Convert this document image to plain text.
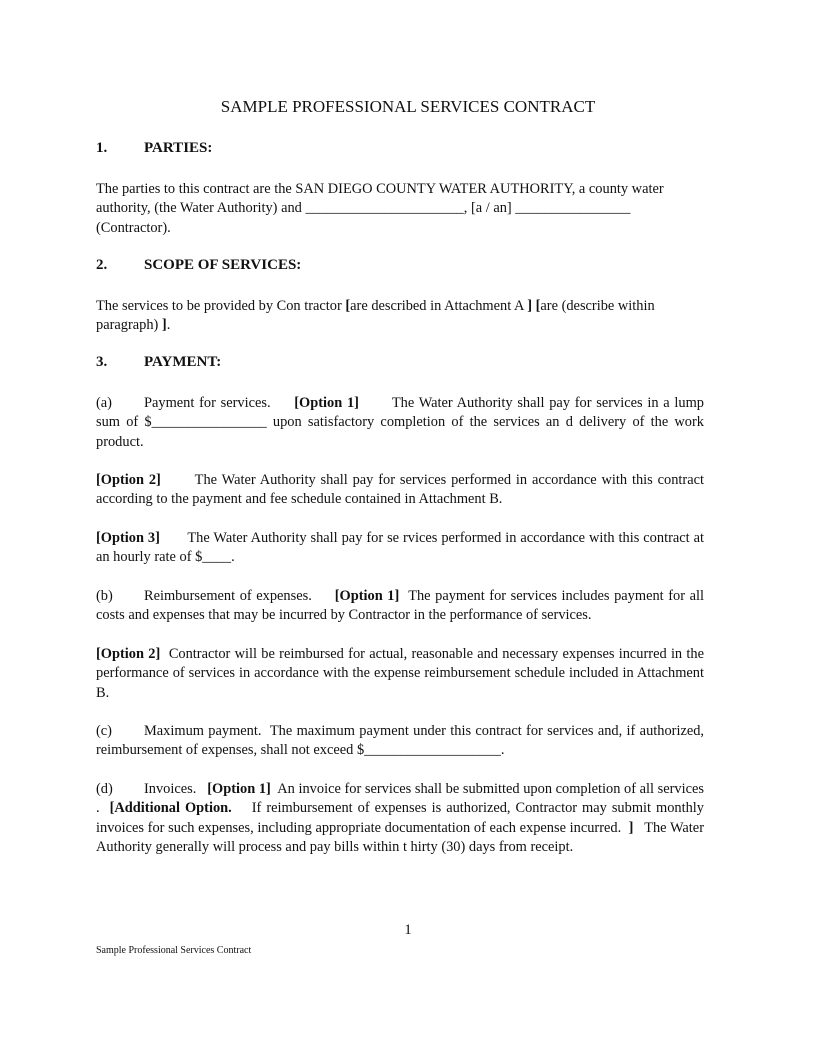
SAMPLE PROFESSIONAL SERVICES CONTRACT
1. PARTIES:
The parties to this contract are the SAN DIEGO COUNTY WATER AUTHORITY, a county water authority, (the Water Authority) and ______________________, [a / an] ________________ (Contractor).
2. SCOPE OF SERVICES:
The services to be provided by Con tractor [are described in Attachment A ] [are (describe within paragraph) ].
3. PAYMENT:
(a) Payment for services. [Option 1] The Water Authority shall pay for services in a lump sum of $________________ upon satisfactory completion of the services an d delivery of the work product.
[Option 2] The Water Authority shall pay for services performed in accordance with this contract according to the payment and fee schedule contained in Attachment B.
[Option 3] The Water Authority shall pay for se rvices performed in accordance with this contract at an hourly rate of $____.
(b) Reimbursement of expenses. [Option 1] The payment for services includes payment for all costs and expenses that may be incurred by Contractor in the performance of services.
[Option 2] Contractor will be reimbursed for actual, reasonable and necessary expenses incurred in the performance of services in accordance with the expense reimbursement schedule included in Attachment B.
(c) Maximum payment. The maximum payment under this contract for services and, if authorized, reimbursement of expenses, shall not exceed $___________________.
(d) Invoices. [Option 1] An invoice for services shall be submitted upon completion of all services . [Additional Option. If reimbursement of expenses is authorized, Contractor may submit monthly invoices for such expenses, including appropriate documentation of each expense incurred. ] The Water Authority generally will process and pay bills within t hirty (30) days from receipt.
1
Sample Professional Services Contract
